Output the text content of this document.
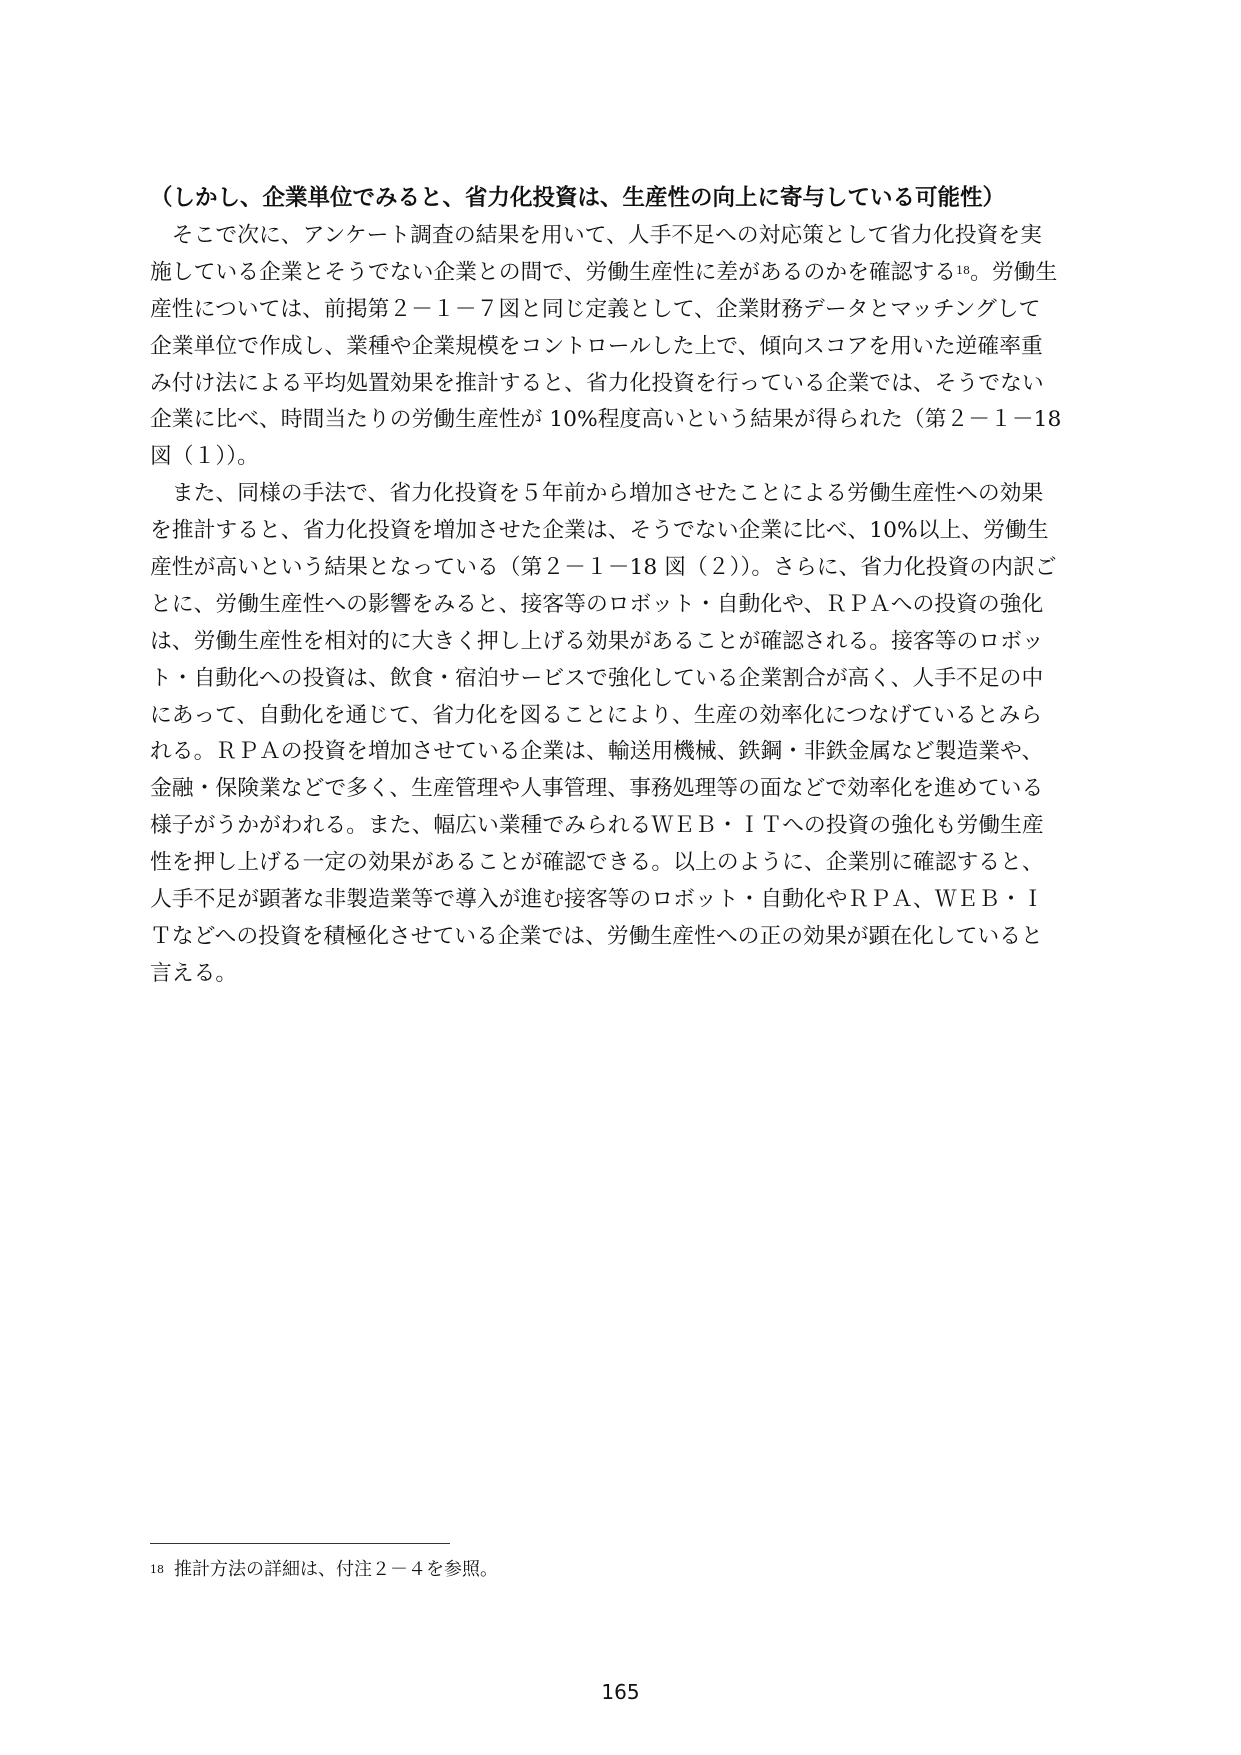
（しかし、企業単位でみると、省力化投資は、生産性の向上に寄与している可能性）
　そこで次に、アンケート調査の結果を用いて、人手不足への対応策として省力化投資を実
施している企業とそうでない企業との間で、労働生産性に差があるのかを確認する$^{18}$。労働生
産性については、前掲第２－１－７図と同じ定義として、企業財務データとマッチングして
企業単位で作成し、業種や企業規模をコントロールした上で、傾向スコアを用いた逆確率重
み付け法による平均処置効果を推計すると、省力化投資を行っている企業では、そうでない
企業に比べ、時間当たりの労働生産性が 10%程度高いという結果が得られた（第２－１－18
図（１））。
　また、同様の手法で、省力化投資を５年前から増加させたことによる労働生産性への効果
を推計すると、省力化投資を増加させた企業は、そうでない企業に比べ、10%以上、労働生
産性が高いという結果となっている（第２－１－18 図（２））。さらに、省力化投資の内訳ご
とに、労働生産性への影響をみると、接客等のロボット・自動化や、ＲＰＡへの投資の強化
は、労働生産性を相対的に大きく押し上げる効果があることが確認される。接客等のロボッ
ト・自動化への投資は、飲食・宿泊サービスで強化している企業割合が高く、人手不足の中
にあって、自動化を通じて、省力化を図ることにより、生産の効率化につなげているとみら
れる。ＲＰＡの投資を増加させている企業は、輸送用機械、鉄鋼・非鉄金属など製造業や、
金融・保険業などで多く、生産管理や人事管理、事務処理等の面などで効率化を進めている
様子がうかがわれる。また、幅広い業種でみられるＷＥＢ・ＩＴへの投資の強化も労働生産
性を押し上げる一定の効果があることが確認できる。以上のように、企業別に確認すると、
人手不足が顕著な非製造業等で導入が進む接客等のロボット・自動化やＲＰＡ、ＷＥＢ・Ｉ
Ｔなどへの投資を積極化させている企業では、労働生産性への正の効果が顕在化していると
言える。
$^{18}$ 推計方法の詳細は、付注２－４を参照。
165
